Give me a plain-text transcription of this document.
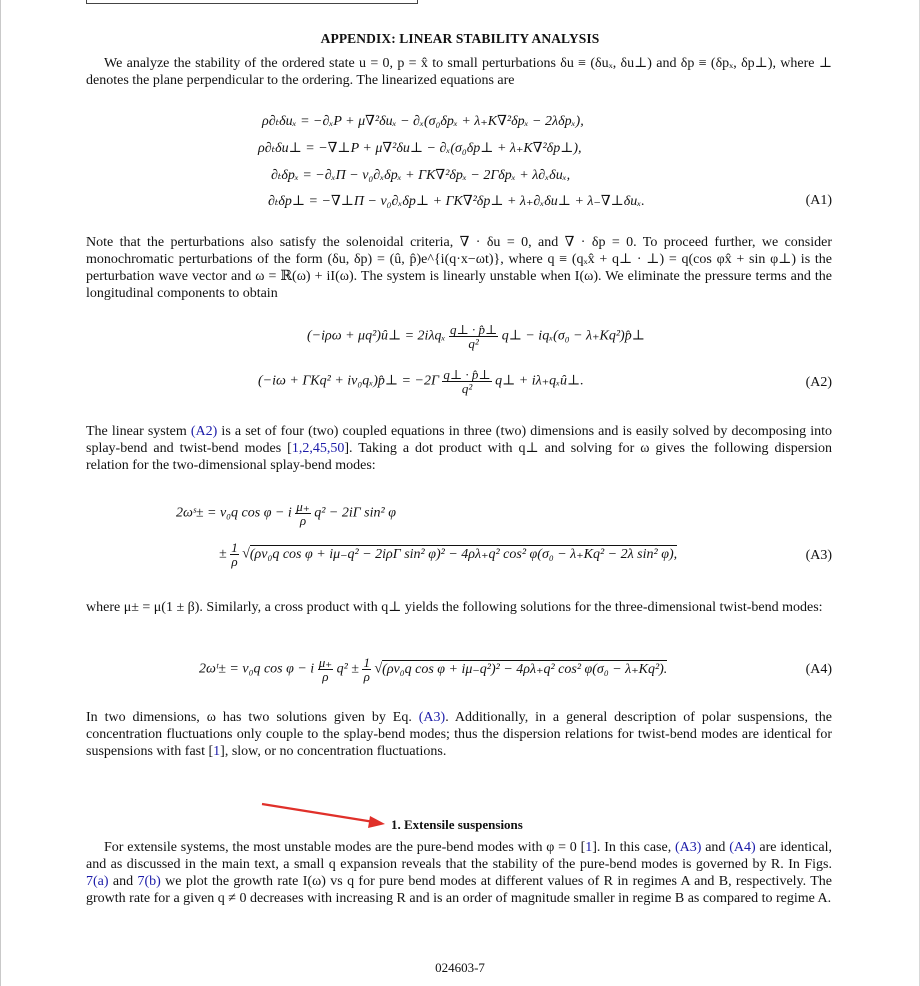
APPENDIX: LINEAR STABILITY ANALYSIS
We analyze the stability of the ordered state u = 0, p = x̂ to small perturbations δu ≡ (δuₓ, δu⊥) and δp ≡ (δpₓ, δp⊥), where ⊥ denotes the plane perpendicular to the ordering. The linearized equations are
ρ∂ₜδuₓ = −∂ₓP + μ∇²δuₓ − ∂ₓ(σ₀δpₓ + λ₊K∇²δpₓ − 2λδpₓ),
ρ∂ₜδu⊥ = −∇⊥P + μ∇²δu⊥ − ∂ₓ(σ₀δp⊥ + λ₊K∇²δp⊥),
∂ₜδpₓ = −∂ₓΠ − v₀∂ₓδpₓ + ΓK∇²δpₓ − 2Γδpₓ + λ∂ₓδuₓ,
∂ₜδp⊥ = −∇⊥Π − v₀∂ₓδp⊥ + ΓK∇²δp⊥ + λ₊∂ₓδu⊥ + λ₋∇⊥δuₓ.	(A1)
Note that the perturbations also satisfy the solenoidal criteria, ∇ · δu = 0, and ∇ · δp = 0. To proceed further, we consider monochromatic perturbations of the form (δu, δp) = (û, p̂)e^{i(q·x−ωt)}, where q ≡ (qₓx̂ + q⊥ · ⊥) = q(cos φx̂ + sin φ⊥) is the perturbation wave vector and ω = ℝ(ω) + iI(ω). The system is linearly unstable when I(ω). We eliminate the pressure terms and the longitudinal components to obtain
(−iρω + μq²)û⊥ = $2i\lambda q_x \frac{q\perp \cdot p̂\perp}{\text{q²}}$ q⊥ − iqₓ(σ₀ − λ₊Kq²)p̂⊥
(−iω + ΓKq² + iv₀qₓ)p̂⊥ = $-2\Gamma \frac{q\perp \cdot p̂\perp}{\text{q²}}$ q⊥ + iλ₊qₓû⊥.	(A2)
The linear system (A2) is a set of four (two) coupled equations in three (two) dimensions and is easily solved by decomposing into splay-bend and twist-bend modes [1,2,45,50]. Taking a dot product with q⊥ and solving for ω gives the following dispersion relation for the two-dimensional splay-bend modes:
2ωˢ± = v₀q cos φ − i $\frac{\mu_+}{\rho} q^2 - 2i\Gamma$ sin² φ
± $\frac{1}{\rho} √(\rho v_0q$ cos φ + iμ₋q² − 2iρΓ sin² φ)² − 4ρλ₊q² cos² φ(σ₀ − λ₊Kq² − 2λ sin² φ),	(A3)
where μ± = μ(1 ± β). Similarly, a cross product with q⊥ yields the following solutions for the three-dimensional twist-bend modes:
2ωᵗ± = v₀q cos φ − i $\frac{\mu_+}{\rho} q^2 \pm \frac{1}{\rho} √(\rho v_0q$ cos φ + iμ₋q²)² − 4ρλ₊q² cos² φ(σ₀ − λ₊Kq²).	(A4)
In two dimensions, ω has two solutions given by Eq. (A3). Additionally, in a general description of polar suspensions, the concentration fluctuations only couple to the splay-bend modes; thus the dispersion relations for twist-bend modes are identical for suspensions with fast [1], slow, or no concentration fluctuations.
1. Extensile suspensions
For extensile systems, the most unstable modes are the pure-bend modes with φ = 0 [1]. In this case, (A3) and (A4) are identical, and as discussed in the main text, a small q expansion reveals that the stability of the pure-bend modes is governed by R. In Figs. 7(a) and 7(b) we plot the growth rate I(ω) vs q for pure bend modes at different values of R in regimes A and B, respectively. The growth rate for a given q ≠ 0 decreases with increasing R and is an order of magnitude smaller in regime B as compared to regime A.
024603-7
